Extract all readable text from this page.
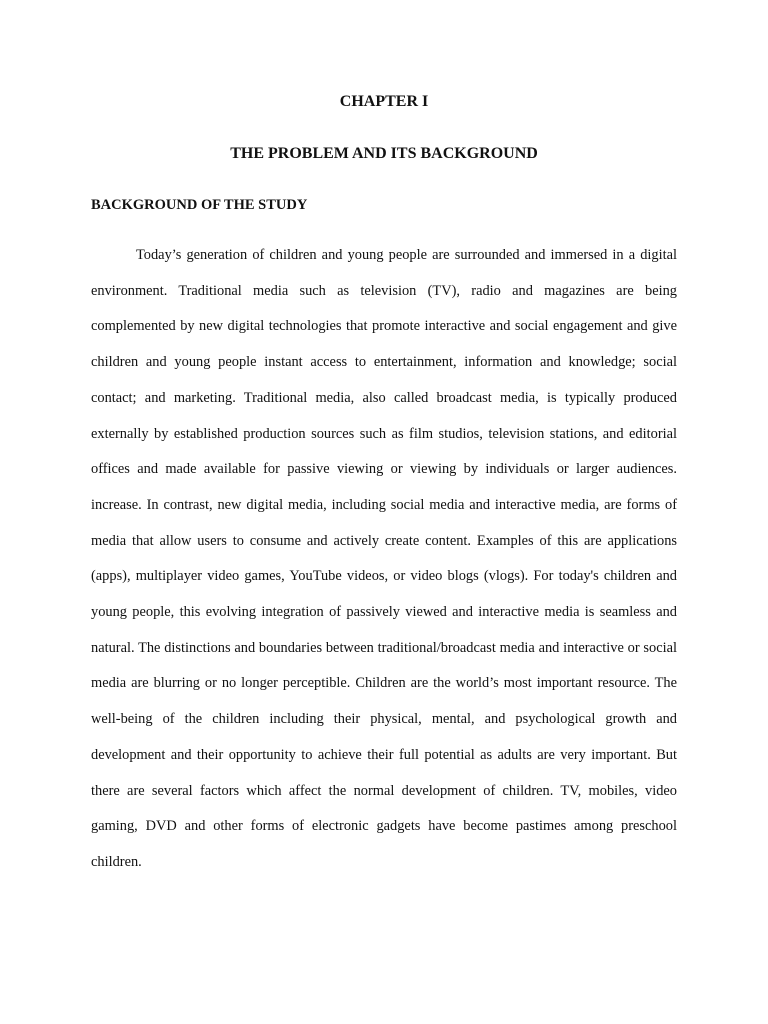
CHAPTER I
THE PROBLEM AND ITS BACKGROUND
BACKGROUND OF THE STUDY

Today’s generation of children and young people are surrounded and immersed in a digital environment. Traditional media such as television (TV), radio and magazines are being complemented by new digital technologies that promote interactive and social engagement and give children and young people instant access to entertainment, information and knowledge; social contact; and marketing. Traditional media, also called broadcast media, is typically produced externally by established production sources such as film studios, television stations, and editorial offices and made available for passive viewing or viewing by individuals or larger audiences. increase. In contrast, new digital media, including social media and interactive media, are forms of media that allow users to consume and actively create content. Examples of this are applications (apps), multiplayer video games, YouTube videos, or video blogs (vlogs). For today's children and young people, this evolving integration of passively viewed and interactive media is seamless and natural. The distinctions and boundaries between traditional/broadcast media and interactive or social media are blurring or no longer perceptible. Children are the world’s most important resource. The well-being of the children including their physical, mental, and psychological growth and development and their opportunity to achieve their full potential as adults are very important. But there are several factors which affect the normal development of children. TV, mobiles, video gaming, DVD and other forms of electronic gadgets have become pastimes among preschool children.
